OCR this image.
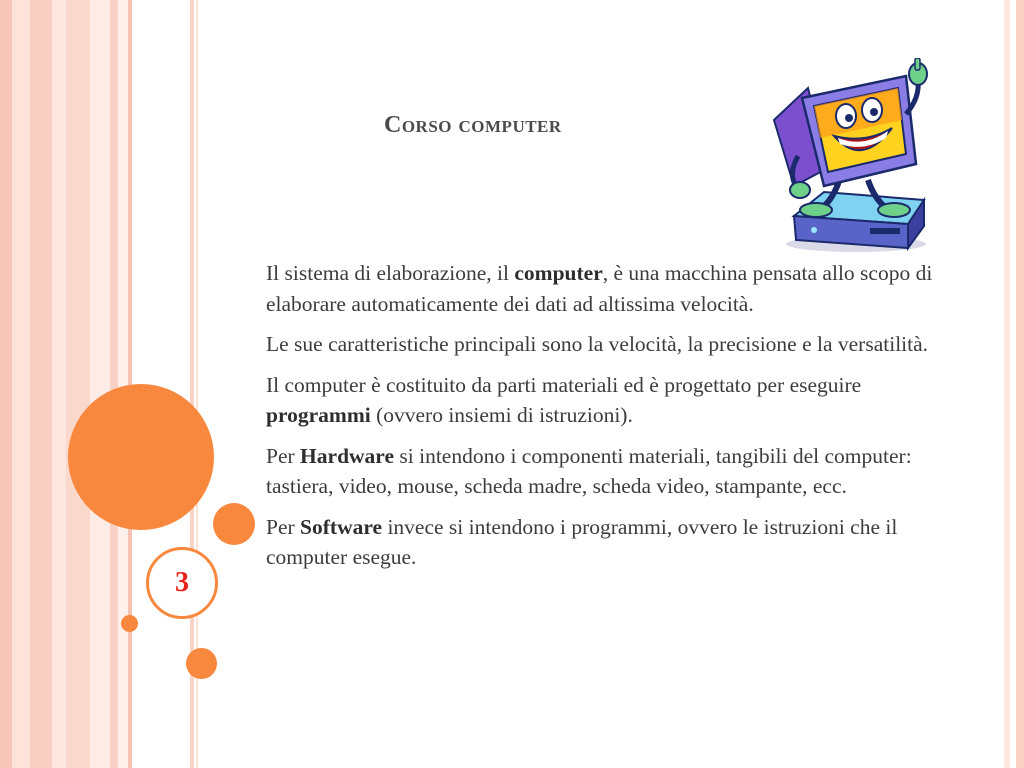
3
Corso computer

Il sistema di elaborazione, il computer, è una macchina pensata allo scopo di elaborare automaticamente dei dati ad altissima velocità.

Le sue caratteristiche principali sono la velocità, la precisione e la versatilità.

Il computer è costituito da parti materiali ed è progettato per eseguire programmi (ovvero insiemi di istruzioni).

Per Hardware si intendono i componenti materiali, tangibili del computer: tastiera, video, mouse, scheda madre, scheda video, stampante, ecc.

Per Software invece si intendono i programmi, ovvero le istruzioni che il computer esegue.
